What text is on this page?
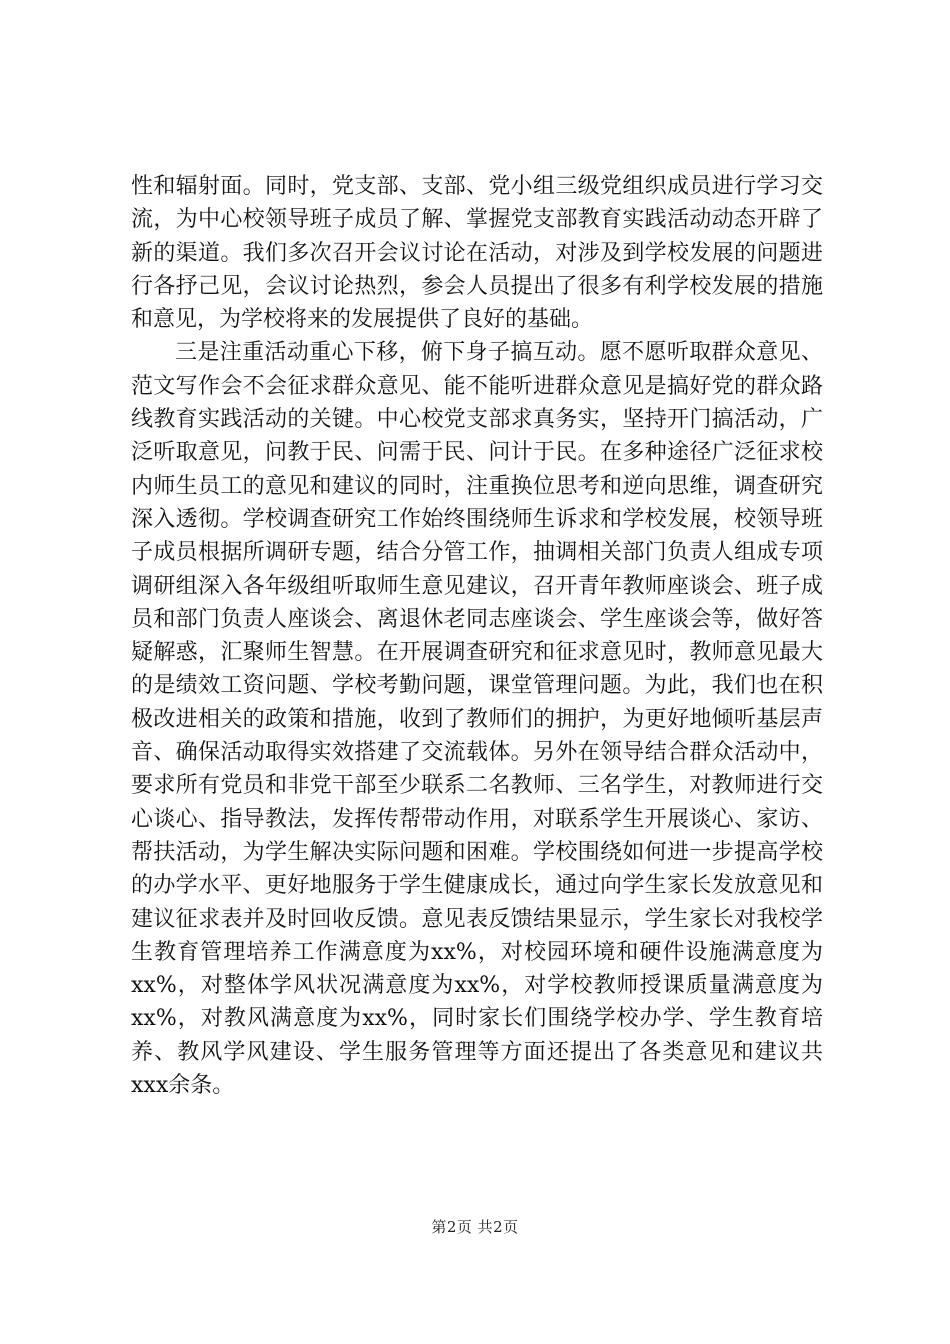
性和辐射面。同时，党支部、支部、党小组三级党组织成员进行学习交流，为中心校领导班子成员了解、掌握党支部教育实践活动动态开辟了新的渠道。我们多次召开会议讨论在活动，对涉及到学校发展的问题进行各抒己见，会议讨论热烈，参会人员提出了很多有利学校发展的措施和意见，为学校将来的发展提供了良好的基础。

三是注重活动重心下移，俯下身子搞互动。愿不愿听取群众意见、范文写作会不会征求群众意见、能不能听进群众意见是搞好党的群众路线教育实践活动的关键。中心校党支部求真务实，坚持开门搞活动，广泛听取意见，问教于民、问需于民、问计于民。在多种途径广泛征求校内师生员工的意见和建议的同时，注重换位思考和逆向思维，调查研究深入透彻。学校调查研究工作始终围绕师生诉求和学校发展，校领导班子成员根据所调研专题，结合分管工作，抽调相关部门负责人组成专项调研组深入各年级组听取师生意见建议，召开青年教师座谈会、班子成员和部门负责人座谈会、离退休老同志座谈会、学生座谈会等，做好答疑解惑，汇聚师生智慧。在开展调查研究和征求意见时，教师意见最大的是绩效工资问题、学校考勤问题，课堂管理问题。为此，我们也在积极改进相关的政策和措施，收到了教师们的拥护，为更好地倾听基层声音、确保活动取得实效搭建了交流载体。另外在领导结合群众活动中，要求所有党员和非党干部至少联系二名教师、三名学生，对教师进行交心谈心、指导教法，发挥传帮带动作用，对联系学生开展谈心、家访、帮扶活动，为学生解决实际问题和困难。学校围绕如何进一步提高学校的办学水平、更好地服务于学生健康成长，通过向学生家长发放意见和建议征求表并及时回收反馈。意见表反馈结果显示，学生家长对我校学生教育管理培养工作满意度为xx%，对校园环境和硬件设施满意度为xx%，对整体学风状况满意度为xx%，对学校教师授课质量满意度为xx%，对教风满意度为xx%，同时家长们围绕学校办学、学生教育培养、教风学风建设、学生服务管理等方面还提出了各类意见和建议共xxx余条。

第2页 共2页
